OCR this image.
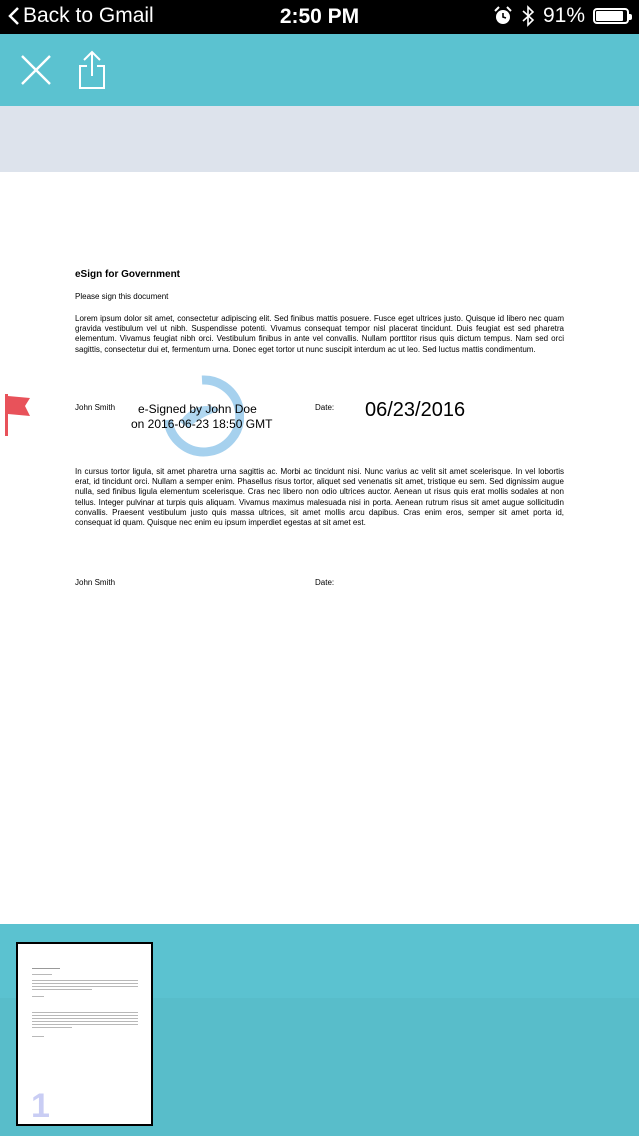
Back to Gmail	2:50 PM	91%
eSign for Government
Please sign this document

Lorem ipsum dolor sit amet, consectetur adipiscing elit. Sed finibus mattis posuere. Fusce eget ultrices justo. Quisque id libero nec quam gravida vestibulum vel ut nibh. Suspendisse potenti. Vivamus consequat tempor nisl placerat tincidunt. Duis feugiat est sed pharetra elementum. Vivamus feugiat nibh orci. Vestibulum finibus in ante vel convallis. Nullam porttitor risus quis dictum tempus. Nam sed orci sagittis, consectetur dui et, fermentum urna. Donec eget tortor ut nunc suscipit interdum ac ut leo. Sed luctus mattis condimentum.

John Smith e-Signed by John Doe
on 2016-06-23 18:50 GMT
Date: 06/23/2016

In cursus tortor ligula, sit amet pharetra urna sagittis ac. Morbi ac tincidunt nisi. Nunc varius ac velit sit amet scelerisque. In vel lobortis erat, id tincidunt orci. Nullam a semper enim. Phasellus risus tortor, aliquet sed venenatis sit amet, tristique eu sem. Sed dignissim augue nulla, sed finibus ligula elementum scelerisque. Cras nec libero non odio ultrices auctor. Aenean ut risus quis erat mollis sodales at non tellus. Integer pulvinar at turpis quis aliquam. Vivamus maximus malesuada nisi in porta. Aenean rutrum risus sit amet augue sollicitudin convallis. Praesent vestibulum justo quis massa ultrices, sit amet mollis arcu dapibus. Cras enim eros, semper sit amet porta id, consequat id quam. Quisque nec enim eu ipsum imperdiet egestas at sit amet est.

John Smith	Date:
1
